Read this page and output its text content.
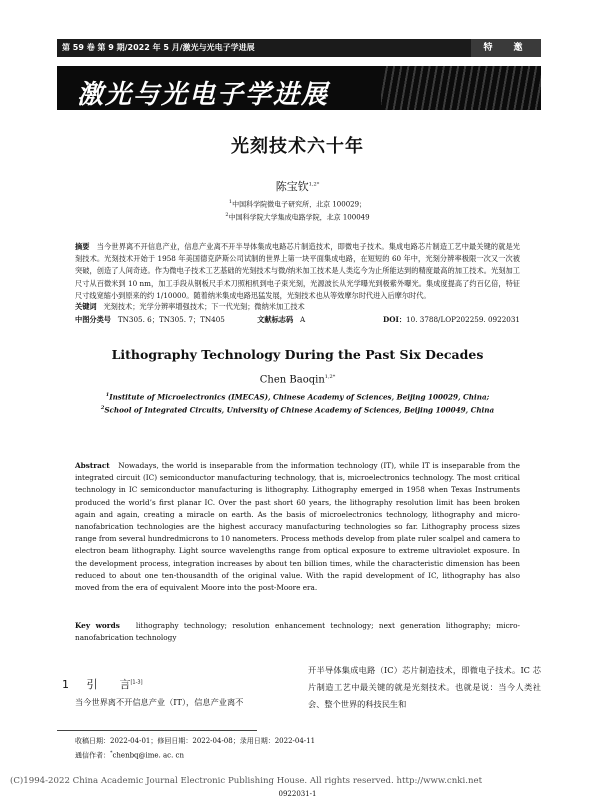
第 59 卷 第 9 期/2022 年 5 月/激光与光电子学进展	特　邀
激光与光电子学进展
光刻技术六十年
陈宝钦$^{1,2*}$
$^1$中国科学院微电子研究所，北京 100029；
$^2$中国科学院大学集成电路学院，北京 100049
摘要 当今世界离不开信息产业，信息产业离不开半导体集成电路芯片制造技术，即微电子技术。集成电路芯片制造工艺中最关键的就是光刻技术。光刻技术开始于 1958 年美国德克萨斯公司试制的世界上第一块平面集成电路，在短短的 60 年中，光刻分辨率极限一次又一次被突破，创造了人间奇迹。作为微电子技术工艺基础的光刻技术与微/纳米加工技术是人类迄今为止所能达到的精度最高的加工技术。光刻加工尺寸从百微米到 10 nm，加工手段从钢板尺手术刀照相机到电子束光刻，光源波长从光学曝光到极紫外曝光。集成度提高了约百亿倍，特征尺寸线宽缩小到原来的约 1/10000。随着纳米集成电路迅猛发展，光刻技术也从等效摩尔时代进入后摩尔时代。
关键词 光刻技术；光学分辨率增强技术；下一代光刻；微纳米加工技术
中图分类号 TN305. 6；TN305. 7；TN405	文献标志码 A	DOI：10. 3788/LOP202259. 0922031
Lithography Technology During the Past Six Decades
Chen Baoqin$^{1,2*}$
$^1$Institute of Microelectronics (IMECAS), Chinese Academy of Sciences, Beijing 100029, China;
$^2$School of Integrated Circuits, University of Chinese Academy of Sciences, Beijing 100049, China
Abstract Nowadays, the world is inseparable from the information technology (IT), while IT is inseparable from the integrated circuit (IC) semiconductor manufacturing technology, that is, microelectronics technology. The most critical technology in IC semiconductor manufacturing is lithography. Lithography emerged in 1958 when Texas Instruments produced the world’s first planar IC. Over the past short 60 years, the lithography resolution limit has been broken again and again, creating a miracle on earth. As the basis of microelectronics technology, lithography and micro-nanofabrication technologies are the highest accuracy manufacturing technologies so far. Lithography process sizes range from several hundredmicrons to 10 nanometers. Process methods develop from plate ruler scalpel and camera to electron beam lithography. Light source wavelengths range from optical exposure to extreme ultraviolet exposure. In the development process, integration increases by about ten billion times, while the characteristic dimension has been reduced to about one ten-thousandth of the original value. With the rapid development of IC, lithography has also moved from the era of equivalent Moore into the post-Moore era.
Key words lithography technology; resolution enhancement technology; next generation lithography; micro-nanofabrication technology
1 引　　言[1-3]
当今世界离不开信息产业（IT），信息产业离不
开半导体集成电路（IC）芯片制造技术，即微电子技术。IC 芯片制造工艺中最关键的就是光刻技术。也就是说：当今人类社会、整个世界的科技民生和
收稿日期：2022-04-01；修回日期：2022-04-08；录用日期：2022-04-11
通信作者：*chenbq@ime. ac. cn
(C)1994-2022 China Academic Journal Electronic Publishing House. All rights reserved. http://www.cnki.net
0922031-1
